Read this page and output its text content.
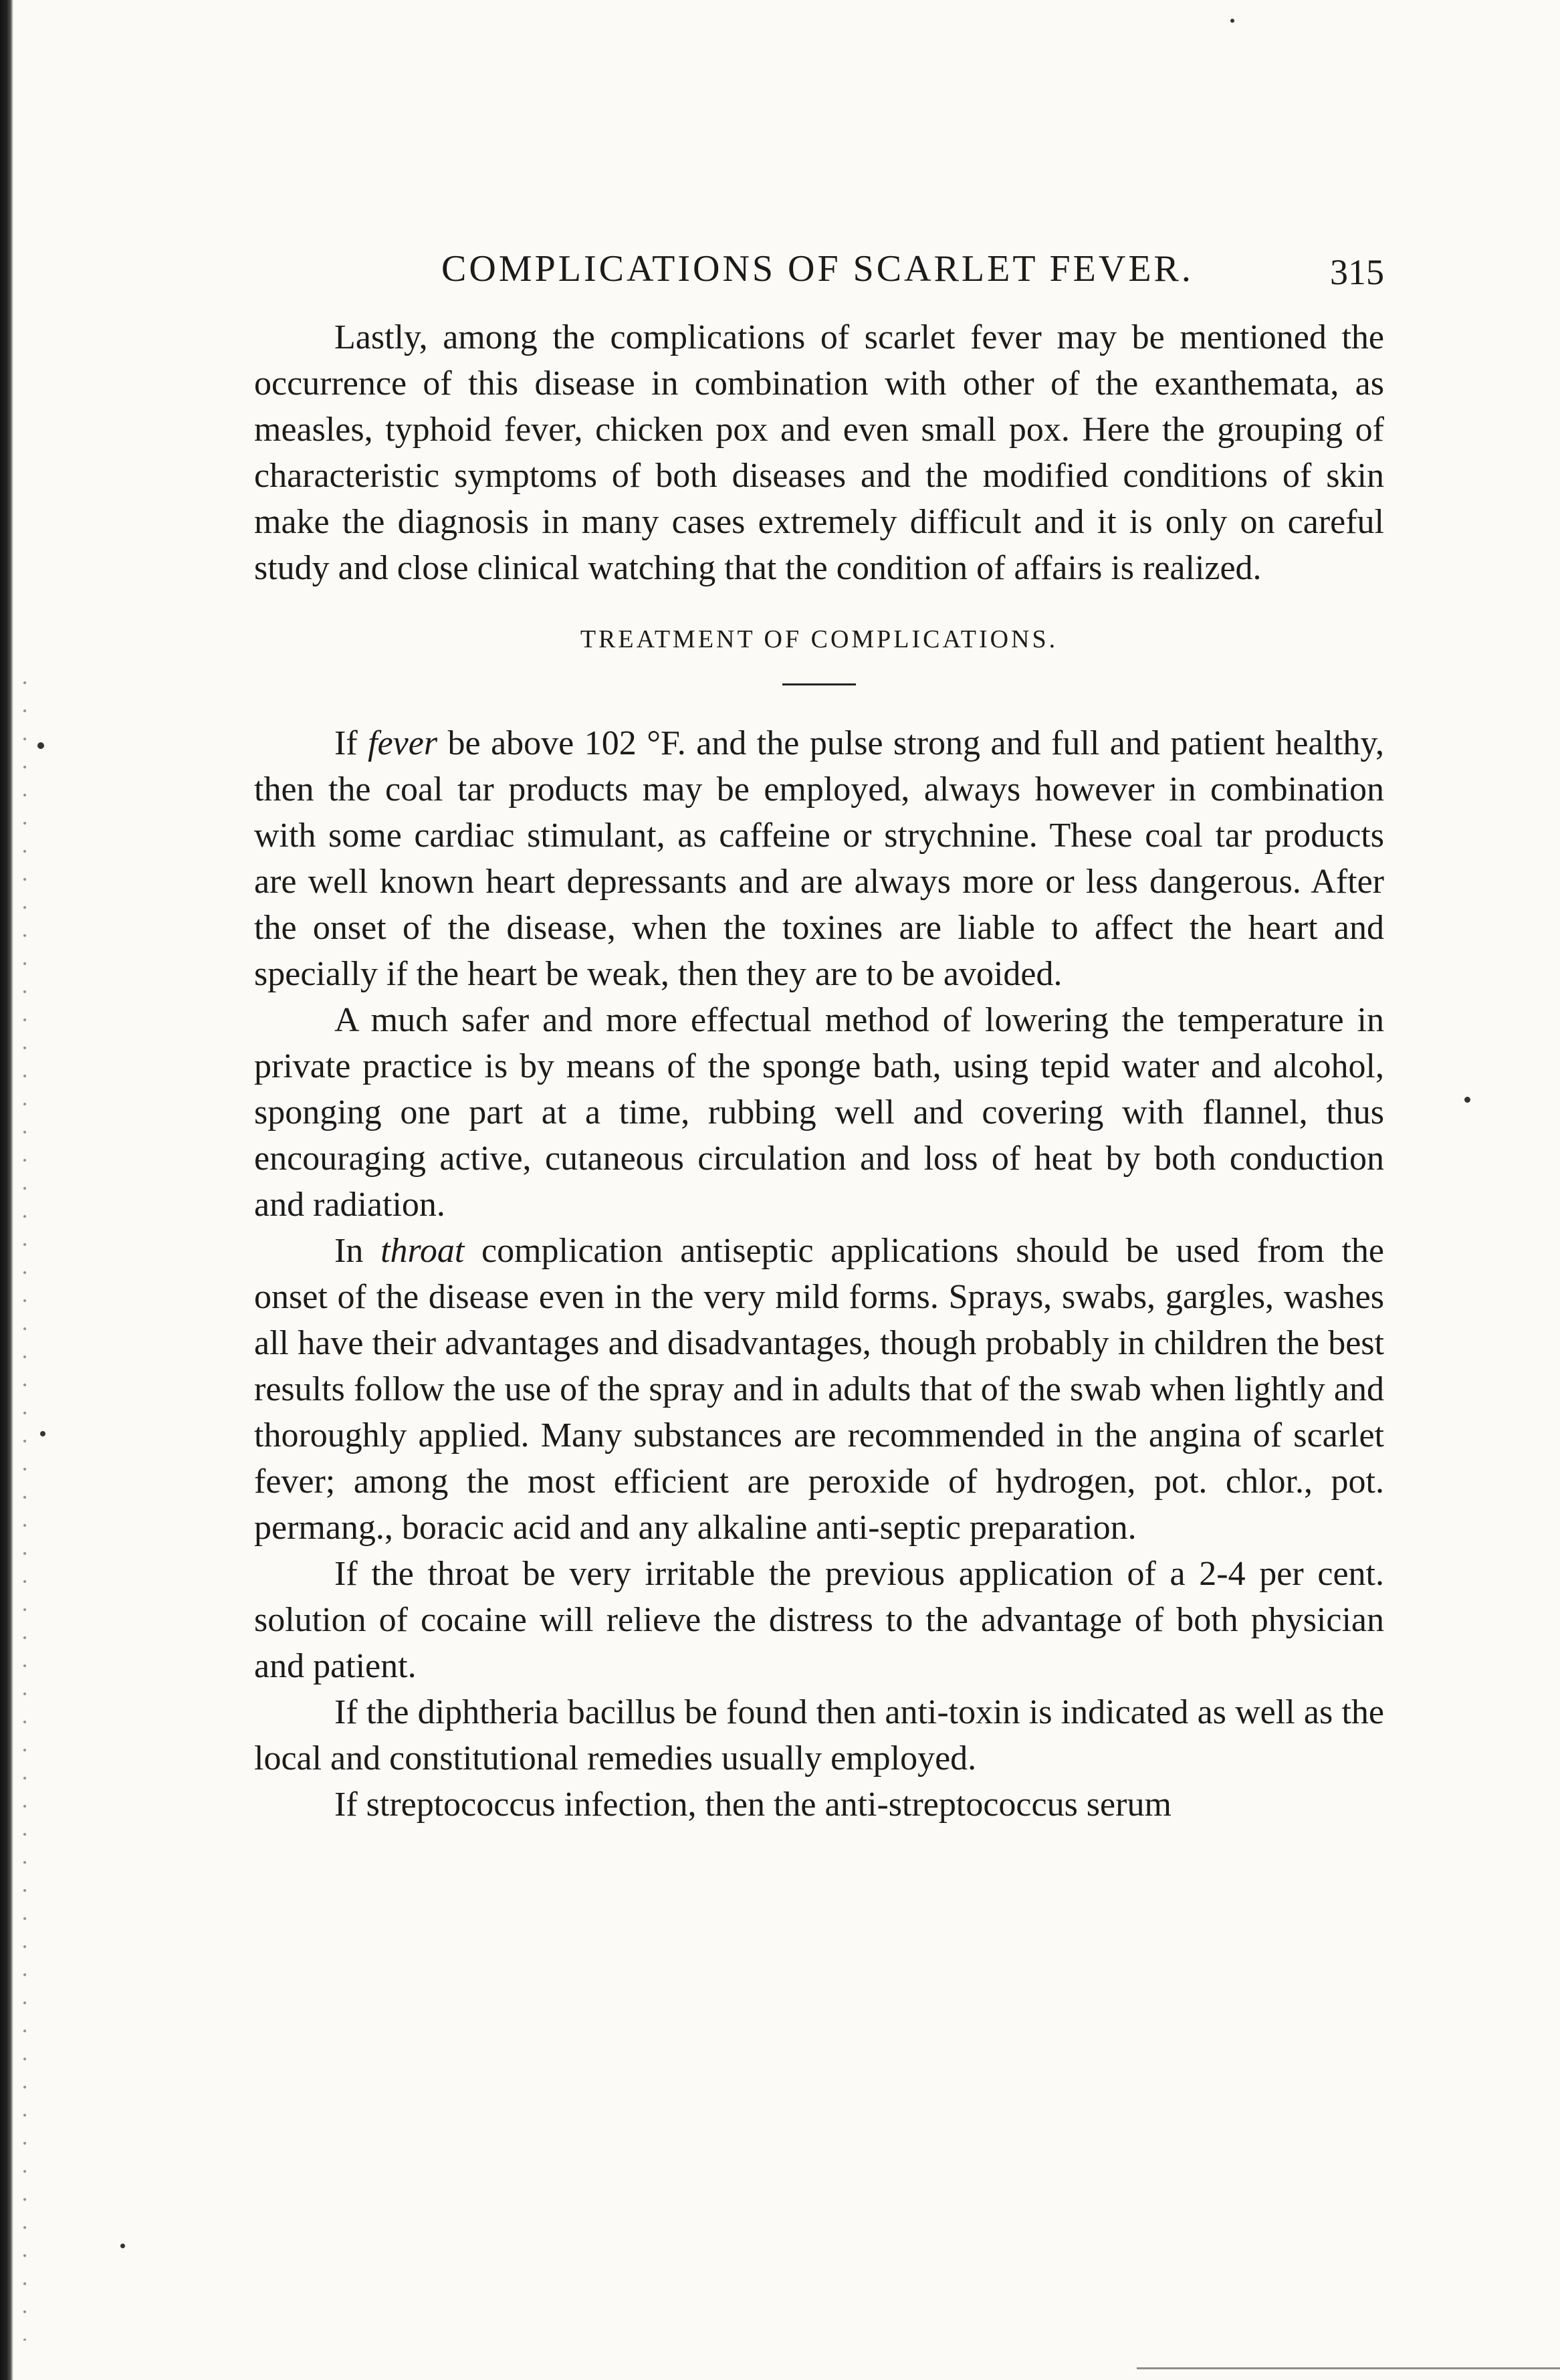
COMPLICATIONS OF SCARLET FEVER.	315

Lastly, among the complications of scarlet fever may be mentioned the occurrence of this disease in combination with other of the exanthemata, as measles, typhoid fever, chicken pox and even small pox. Here the grouping of characteristic symptoms of both diseases and the modified conditions of skin make the diagnosis in many cases extremely difficult and it is only on careful study and close clinical watching that the condition of affairs is realized.

TREATMENT OF COMPLICATIONS.

If fever be above 102 °F. and the pulse strong and full and patient healthy, then the coal tar products may be employed, always however in combination with some cardiac stimulant, as caffeine or strychnine. These coal tar products are well known heart depressants and are always more or less dangerous. After the onset of the disease, when the toxines are liable to affect the heart and specially if the heart be weak, then they are to be avoided.

A much safer and more effectual method of lowering the temperature in private practice is by means of the sponge bath, using tepid water and alcohol, sponging one part at a time, rubbing well and covering with flannel, thus encouraging active, cutaneous circulation and loss of heat by both conduction and radiation.

In throat complication antiseptic applications should be used from the onset of the disease even in the very mild forms. Sprays, swabs, gargles, washes all have their advantages and disadvantages, though probably in children the best results follow the use of the spray and in adults that of the swab when lightly and thoroughly applied. Many substances are recommended in the angina of scarlet fever; among the most efficient are peroxide of hydrogen, pot. chlor., pot. permang., boracic acid and any alkaline anti-septic preparation.

If the throat be very irritable the previous application of a 2-4 per cent. solution of cocaine will relieve the distress to the advantage of both physician and patient.

If the diphtheria bacillus be found then anti-toxin is indicated as well as the local and constitutional remedies usually employed.

If streptococcus infection, then the anti-streptococcus serum
